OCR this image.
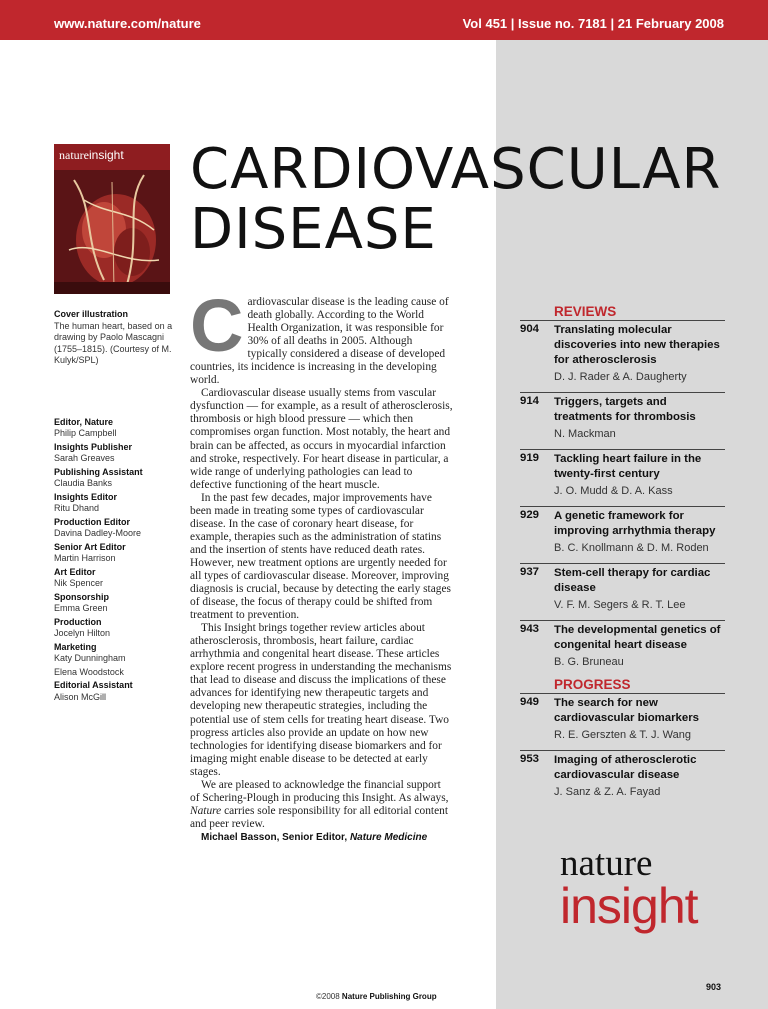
www.nature.com/nature	Vol 451 | Issue no. 7181 | 21 February 2008
natureinsight CARDIOVASCULAR
DISEASE
Cover illustration
The human heart, based on a drawing by Paolo Mascagni (1755–1815). (Courtesy of M. Kulyk/SPL)
Editor, Nature
Philip Campbell
Insights Publisher
Sarah Greaves
Publishing Assistant
Claudia Banks
Insights Editor
Ritu Dhand
Production Editor
Davina Dadley-Moore
Senior Art Editor
Martin Harrison
Art Editor
Nik Spencer
Sponsorship
Emma Green
Production
Jocelyn Hilton
Marketing
Katy Dunningham
Elena Woodstock
Editorial Assistant
Alison McGill

Cardiovascular disease is the leading cause of death globally. According to the World Health Organization, it was responsible for 30% of all deaths in 2005. Although typically considered a disease of developed countries, its incidence is increasing in the developing world.

Cardiovascular disease usually stems from vascular dysfunction — for example, as a result of atherosclerosis, thrombosis or high blood pressure — which then compromises organ function. Most notably, the heart and brain can be affected, as occurs in myocardial infarction and stroke, respectively. For heart disease in particular, a wide range of underlying pathologies can lead to defective functioning of the heart muscle.

In the past few decades, major improvements have been made in treating some types of cardiovascular disease. In the case of coronary heart disease, for example, therapies such as the administration of statins and the insertion of stents have reduced death rates. However, new treatment options are urgently needed for all types of cardiovascular disease. Moreover, improving diagnosis is crucial, because by detecting the early stages of disease, the focus of therapy could be shifted from treatment to prevention.

This Insight brings together review articles about atherosclerosis, thrombosis, heart failure, cardiac arrhythmia and congenital heart disease. These articles explore recent progress in understanding the mechanisms that lead to disease and discuss the implications of these advances for identifying new therapeutic targets and developing new therapeutic strategies, including the potential use of stem cells for treating heart disease. Two progress articles also provide an update on how new technologies for identifying disease biomarkers and for imaging might enable disease to be detected at early stages.

We are pleased to acknowledge the financial support of Schering-Plough in producing this Insight. As always, Nature carries sole responsibility for all editorial content and peer review.

Michael Basson, Senior Editor, Nature Medicine

REVIEWS
904	Translating molecular discoveries into new therapies for atherosclerosis
D. J. Rader & A. Daugherty
914	Triggers, targets and treatments for thrombosis
N. Mackman
919	Tackling heart failure in the twenty-first century
J. O. Mudd & D. A. Kass
929	A genetic framework for improving arrhythmia therapy
B. C. Knollmann & D. M. Roden
937	Stem-cell therapy for cardiac disease
V. F. M. Segers & R. T. Lee
943	The developmental genetics of congenital heart disease
B. G. Bruneau
PROGRESS
949	The search for new cardiovascular biomarkers
R. E. Gerszten & T. J. Wang
953	Imaging of atherosclerotic cardiovascular disease
J. Sanz & Z. A. Fayad
nature
insight
903
©2008 Nature Publishing Group
